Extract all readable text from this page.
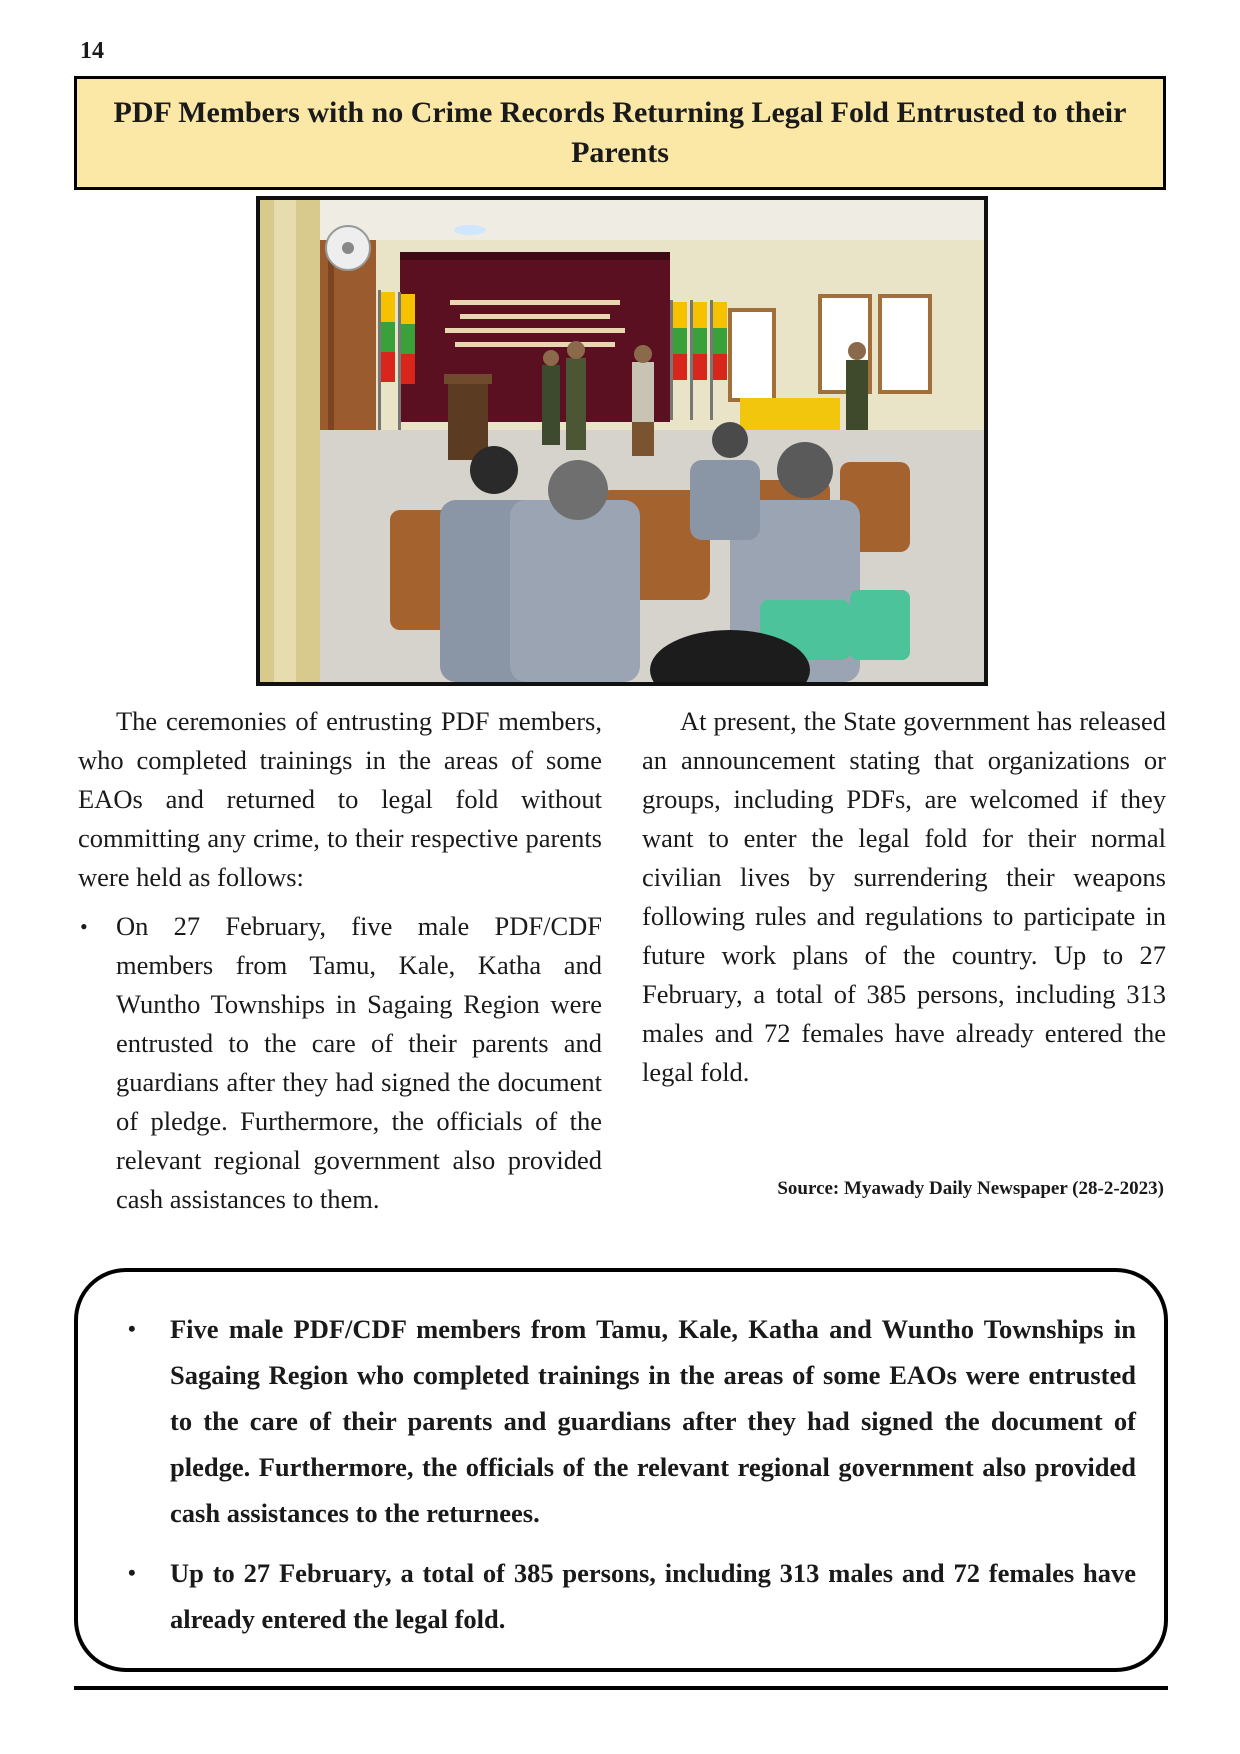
14
PDF Members with no Crime Records Returning Legal Fold Entrusted to their Parents

The ceremonies of entrusting PDF members, who completed trainings in the areas of some EAOs and returned to legal fold without committing any crime, to their respective parents were held as follows:

• On 27 February, five male PDF/CDF members from Tamu, Kale, Katha and Wuntho Townships in Sagaing Region were entrusted to the care of their parents and guardians after they had signed the document of pledge. Furthermore, the officials of the relevant regional government also provided cash assistances to them.

At present, the State government has released an announcement stating that organizations or groups, including PDFs, are welcomed if they want to enter the legal fold for their normal civilian lives by surrendering their weapons following rules and regulations to participate in future work plans of the country. Up to 27 February, a total of 385 persons, including 313 males and 72 females have already entered the legal fold.

Source: Myawady Daily Newspaper (28-2-2023)
• Five male PDF/CDF members from Tamu, Kale, Katha and Wuntho Townships in Sagaing Region who completed trainings in the areas of some EAOs were entrusted to the care of their parents and guardians after they had signed the document of pledge. Furthermore, the officials of the relevant regional government also provided cash assistances to the returnees.
• Up to 27 February, a total of 385 persons, including 313 males and 72 females have already entered the legal fold.
